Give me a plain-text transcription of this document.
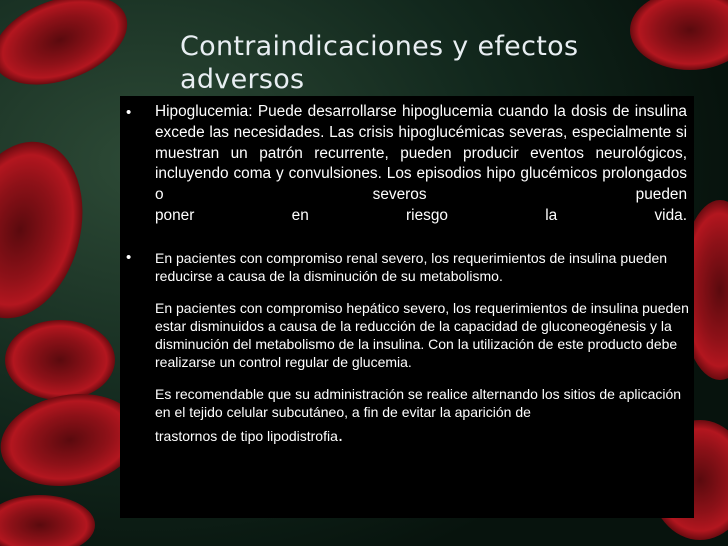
Contraindicaciones y efectos
adversos
• Hipoglucemia: Puede desarrollarse hipoglucemia cuando la dosis de insulina excede las necesidades. Las crisis hipoglucémicas severas, especialmente si muestran un patrón recurrente, pueden producir eventos neurológicos, incluyendo coma y convulsiones. Los episodios hipo glucémicos prolongados o severos pueden
poner	en	riesgo	la	vida.
• En pacientes con compromiso renal severo, los requerimientos de insulina pueden reducirse a causa de la disminución de su metabolismo.

En pacientes con compromiso hepático severo, los requerimientos de insulina pueden estar disminuidos a causa de la reducción de la capacidad de gluconeogénesis y la disminución del metabolismo de la insulina. Con la utilización de este producto debe realizarse un control regular de glucemia.

Es recomendable que su administración se realice alternando los sitios de aplicación en el tejido celular subcutáneo, a fin de evitar la aparición de trastornos de tipo lipodistrofia.
